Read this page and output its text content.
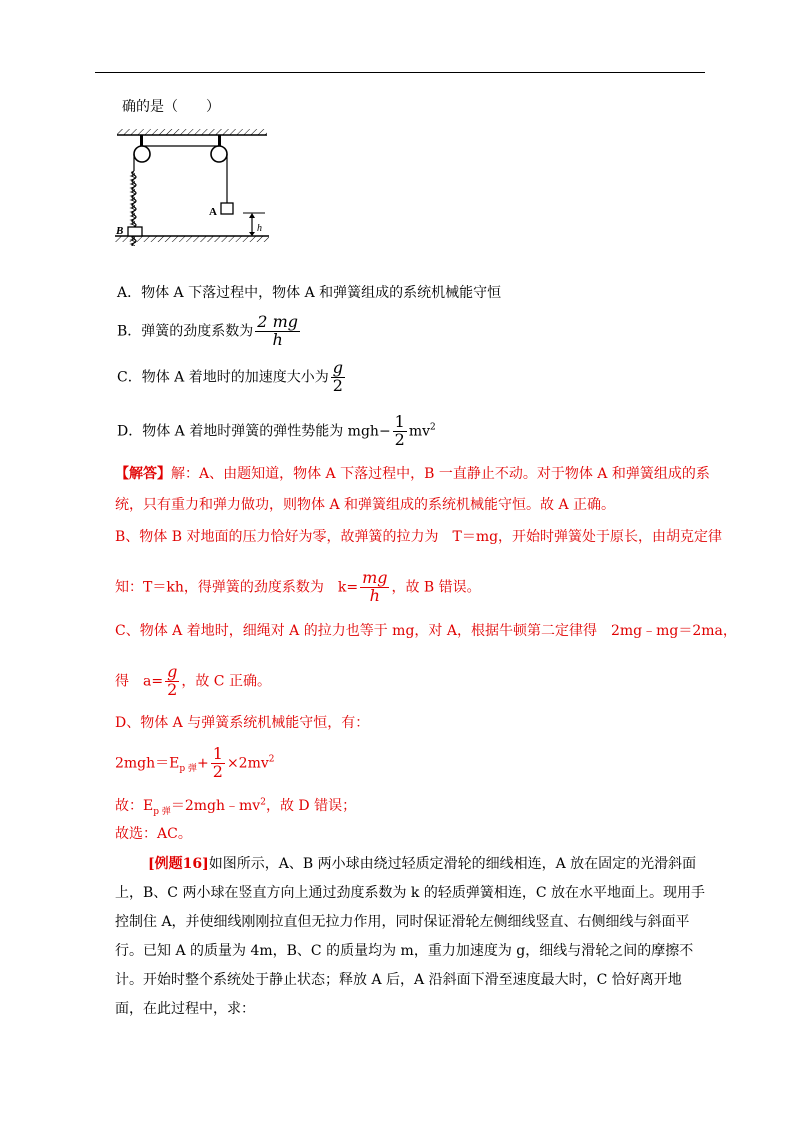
确的是（　　）
B
A
h
A．物体 A 下落过程中，物体 A 和弹簧组成的系统机械能守恒
B．弹簧的劲度系数为 $\frac{2 mg}{h}$
C．物体 A 着地时的加速度大小为 $\frac{g}{2}$
D．物体 A 着地时弹簧的弹性势能为 $mgh- \frac{1}{2} mv^2$
【解答】解：A、由题知道，物体 A 下落过程中，B 一直静止不动。对于物体 A 和弹簧组成的系
统，只有重力和弹力做功，则物体 A 和弹簧组成的系统机械能守恒。故 A 正确。
B、物体 B 对地面的压力恰好为零，故弹簧的拉力为　T＝mg，开始时弹簧处于原长，由胡克定律
知：T＝kh，得弹簧的劲度系数为　$k= \frac{mg}{h}$ ，故 B 错误。
C、物体 A 着地时，细绳对 A 的拉力也等于 mg，对 A，根据牛顿第二定律得　2mg﹣mg＝2ma，
得　$a= \frac{g}{2}$ ，故 C 正确。
D、物体 A 与弹簧系统机械能守恒，有：
$2mgh=E_{p 弹}+ \frac{1}{2} \times 2mv^2$
故：$E_{p 弹}=2mgh﹣mv^2$，故 D 错误；
故选：AC。
[例题16]如图所示，A、B 两小球由绕过轻质定滑轮的细线相连，A 放在固定的光滑斜面上，B、C 两小球在竖直方向上通过劲度系数为 k 的轻质弹簧相连，C 放在水平地面上。现用手控制住 A，并使细线刚刚拉直但无拉力作用，同时保证滑轮左侧细线竖直、右侧细线与斜面平行。已知 A 的质量为 4m，B、C 的质量均为 m，重力加速度为 g，细线与滑轮之间的摩擦不计。开始时整个系统处于静止状态；释放 A 后，A 沿斜面下滑至速度最大时，C 恰好离开地面，在此过程中，求：
